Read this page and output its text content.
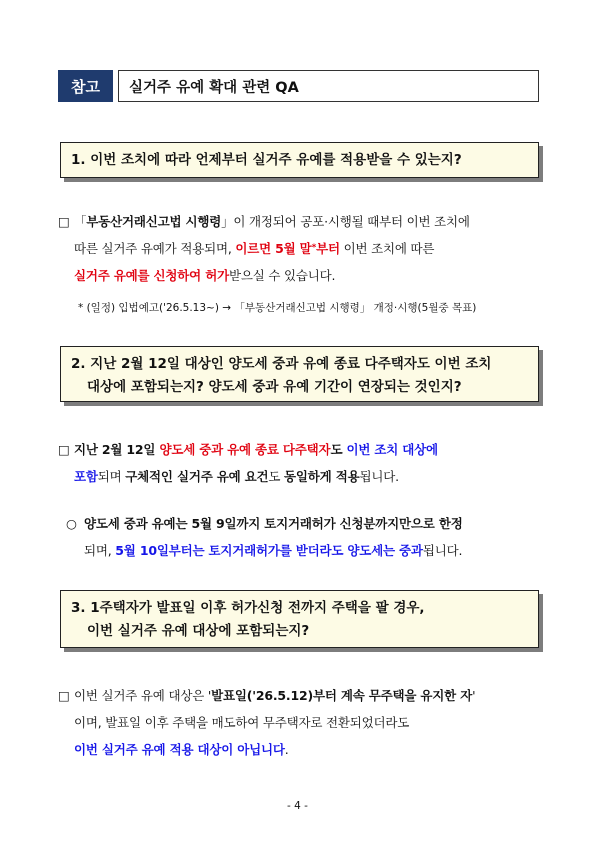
참고	실거주 유예 확대 관련 QA
1. 이번 조치에 따라 언제부터 실거주 유예를 적용받을 수 있는지?
□ 「부동산거래신고법 시행령」이 개정되어 공포·시행될 때부터 이번 조치에
따른 실거주 유예가 적용되며, 이르면 5월 말*부터 이번 조치에 따른
실거주 유예를 신청하여 허가받으실 수 있습니다.
* (일정) 입법예고('26.5.13~) → 「부동산거래신고법 시행령」 개정·시행(5월중 목표)
2. 지난 2월 12일 대상인 양도세 중과 유예 종료 다주택자도 이번 조치
대상에 포함되는지? 양도세 중과 유예 기간이 연장되는 것인지?
□ 지난 2월 12일 양도세 중과 유예 종료 다주택자도 이번 조치 대상에
포함되며 구체적인 실거주 유예 요건도 동일하게 적용됩니다.
○ 양도세 중과 유예는 5월 9일까지 토지거래허가 신청분까지만으로 한정
되며, 5월 10일부터는 토지거래허가를 받더라도 양도세는 중과됩니다.
3. 1주택자가 발표일 이후 허가신청 전까지 주택을 팔 경우,
이번 실거주 유예 대상에 포함되는지?
□ 이번 실거주 유예 대상은 '발표일('26.5.12)부터 계속 무주택을 유지한 자'
이며, 발표일 이후 주택을 매도하여 무주택자로 전환되었더라도
이번 실거주 유예 적용 대상이 아닙니다.
- 4 -
